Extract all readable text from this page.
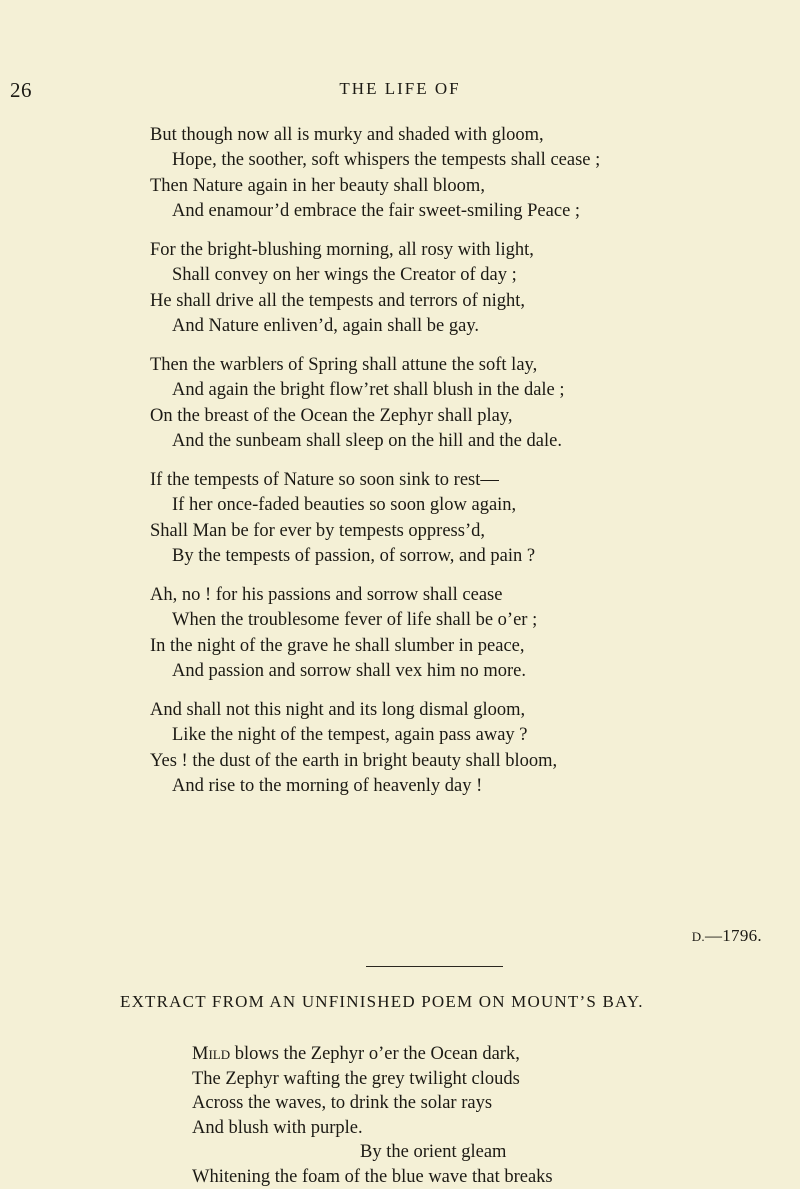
26	THE LIFE OF
But though now all is murky and shaded with gloom,
Hope, the soother, soft whispers the tempests shall cease ;
Then Nature again in her beauty shall bloom,
And enamour’d embrace the fair sweet-smiling Peace ;
For the bright-blushing morning, all rosy with light,
Shall convey on her wings the Creator of day ;
He shall drive all the tempests and terrors of night,
And Nature enliven’d, again shall be gay.
Then the warblers of Spring shall attune the soft lay,
And again the bright flow’ret shall blush in the dale ;
On the breast of the Ocean the Zephyr shall play,
And the sunbeam shall sleep on the hill and the dale.
If the tempests of Nature so soon sink to rest—
If her once-faded beauties so soon glow again,
Shall Man be for ever by tempests oppress’d,
By the tempests of passion, of sorrow, and pain ?
Ah, no ! for his passions and sorrow shall cease
When the troublesome fever of life shall be o’er ;
In the night of the grave he shall slumber in peace,
And passion and sorrow shall vex him no more.
And shall not this night and its long dismal gloom,
Like the night of the tempest, again pass away ?
Yes ! the dust of the earth in bright beauty shall bloom,
And rise to the morning of heavenly day !
D.—1796.
EXTRACT FROM AN UNFINISHED POEM ON MOUNT’S BAY.
Mild blows the Zephyr o’er the Ocean dark,
The Zephyr wafting the grey twilight clouds
Across the waves, to drink the solar rays
And blush with purple.
By the orient gleam
Whitening the foam of the blue wave that breaks
